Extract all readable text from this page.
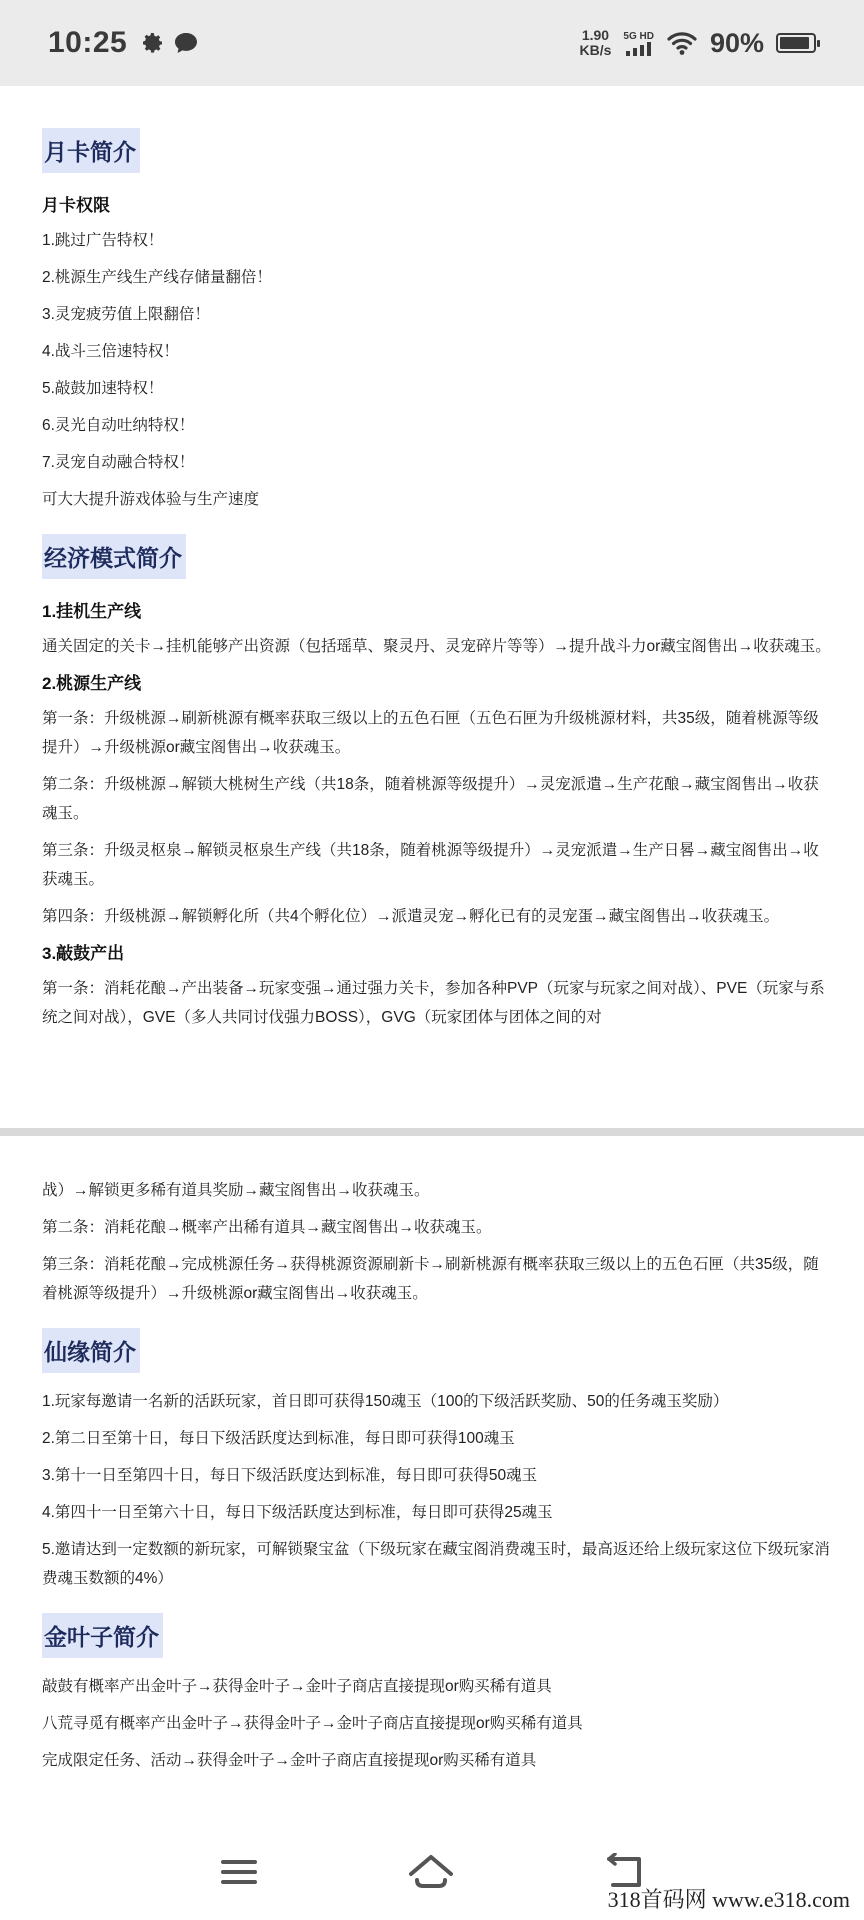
10:25	1.90
KB/s
5G HD 90%
月卡简介
月卡权限
1.跳过广告特权！
2.桃源生产线生产线存储量翻倍！
3.灵宠疲劳值上限翻倍！
4.战斗三倍速特权！
5.敲鼓加速特权！
6.灵光自动吐纳特权！
7.灵宠自动融合特权！
可大大提升游戏体验与生产速度
经济模式简介
1.挂机生产线
通关固定的关卡→挂机能够产出资源（包括瑶草、聚灵丹、灵宠碎片等等）→提升战斗力or藏宝阁售出→收获魂玉。
2.桃源生产线
第一条：升级桃源→刷新桃源有概率获取三级以上的五色石匣（五色石匣为升级桃源材料，共35级，随着桃源等级提升）→升级桃源or藏宝阁售出→收获魂玉。
第二条：升级桃源→解锁大桃树生产线（共18条，随着桃源等级提升）→灵宠派遣→生产花酿→藏宝阁售出→收获魂玉。
第三条：升级灵枢泉→解锁灵枢泉生产线（共18条，随着桃源等级提升）→灵宠派遣→生产日晷→藏宝阁售出→收获魂玉。
第四条：升级桃源→解锁孵化所（共4个孵化位）→派遣灵宠→孵化已有的灵宠蛋→藏宝阁售出→收获魂玉。
3.敲鼓产出
第一条：消耗花酿→产出装备→玩家变强→通过强力关卡，参加各种PVP（玩家与玩家之间对战）、PVE（玩家与系统之间对战），GVE（多人共同讨伐强力BOSS），GVG（玩家团体与团体之间的对
战）→解锁更多稀有道具奖励→藏宝阁售出→收获魂玉。
第二条：消耗花酿→概率产出稀有道具→藏宝阁售出→收获魂玉。
第三条：消耗花酿→完成桃源任务→获得桃源资源刷新卡→刷新桃源有概率获取三级以上的五色石匣（共35级，随着桃源等级提升）→升级桃源or藏宝阁售出→收获魂玉。
仙缘简介
1.玩家每邀请一名新的活跃玩家，首日即可获得150魂玉（100的下级活跃奖励、50的任务魂玉奖励）
2.第二日至第十日，每日下级活跃度达到标准，每日即可获得100魂玉
3.第十一日至第四十日，每日下级活跃度达到标准，每日即可获得50魂玉
4.第四十一日至第六十日，每日下级活跃度达到标准，每日即可获得25魂玉
5.邀请达到一定数额的新玩家，可解锁聚宝盆（下级玩家在藏宝阁消费魂玉时，最高返还给上级玩家这位下级玩家消费魂玉数额的4%）
金叶子简介
敲鼓有概率产出金叶子→获得金叶子→金叶子商店直接提现or购买稀有道具
八荒寻觅有概率产出金叶子→获得金叶子→金叶子商店直接提现or购买稀有道具
完成限定任务、活动→获得金叶子→金叶子商店直接提现or购买稀有道具
318首码网 www.e318.com
